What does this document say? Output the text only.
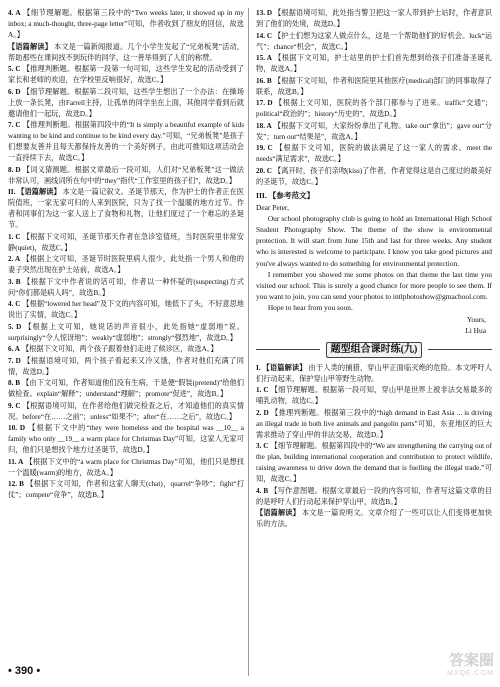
4. A 【细节理解题。根据第三段中的“Two weeks later, it showed up in my inbox; a much-thought, three-page letter”可知，作者收到了朋友的回信，故选A。】

【语篇解读】 本文是一篇新闻报道。几个小学生发起了“兄弟板凳”活动，帮助那些在课间找不到玩伴的同学，这一善举得到了人们的称赞。

5. C 【推理判断题。根据第一段第一句可知，这些学生发起的活动受到了家长和老师的欢迎，在学校里反响很好，故选C。】

6. D 【细节理解题。根据第二段可知，这些学生想出了一个办法：在操场上放一条长凳，由Farrell主持，让孤单的同学坐在上面，其他同学看到后就邀请他们一起玩，故选D。】

7. C 【推理判断题。根据第四段中的“It is simply a beautiful example of kids wanting to be kind and continue to be kind every day.”可知，“兄弟板凳”是孩子们想要友善并且每天都保持友善的一个美好例子，由此可推知这项活动会一直持续下去，故选C。】

8. D 【词义猜测题。根据文章最后一段可知，人们对“兄弟板凳”这一做法非常认可，画线词所在句中的“they”指代“工作室里的孩子们”，故选D。】

II. 【语篇解读】 本文是一篇记叙文。圣诞节那天，作为护士的作者正在医院值班，一家无家可归的人来到医院，只为了找一个温暖的地方过节。作者和同事们为这一家人送上了食物和礼物，让他们度过了一个难忘的圣诞节。

1. C 【根据下文可知，圣诞节那天作者在急诊室值班，当时医院里非常安静(quiet)，故选C。】

2. A 【根据上文可知，圣诞节时医院里病人很少，此处指一个男人和他的妻子突然出现在护士站前，故选A。】

3. B 【根据下文中作者说的话可知，作者以一种怀疑的(suspecting)方式问“你们都是病人吗”，故选B。】

4. C 【根据“lowered her head”及下文的内容可知，她低下了头，不好意思地说出了实情，故选C。】

5. D 【根据上文可知，她说话的声音很小，此处指她“虚弱地”说。surprisingly“令人惊讶地”；weakly“虚弱地”；strongly“强烈地”，故选D。】

6. A 【根据下文可知，两个孩子跟着他们走进了候诊区，故选A。】

7. D 【根据语境可知，两个孩子看起来又冷又饿，作者对他们充满了同情，故选D。】

8. B 【由下文可知，作者知道他们没有生病，于是便“假装(pretend)”给他们做检查。explain“解释”；understand“理解”；promote“促进”，故选B。】

9. C 【根据语境可知，在作者给他们做完检查之后，才知道他们的真实情况。before“在……之前”；unless“如果不”；after“在……之后”，故选C。】

10. D 【根据下文中的“they were homeless and the hospital was __10__ a family who only __19__ a warm place for Christmas Day”可知，这家人无家可归，他们只是想找个地方过圣诞节，故选D。】

11. A 【根据下文中的“a warm place for Christmas Day”可知，他们只是想找一个温暖(warm)的地方，故选A。】

12. B 【根据下文可知，作者和这家人聊天(chat)，quarrel“争吵”；fight“打仗”；compete“竞争”，故选B。】

13. D 【根据语境可知，此处指当警卫把这一家人带到护士站时，作者意识到了他们的处境，故选D。】

14. C 【护士们想为这家人做点什么，这是一个帮助他们的好机会。luck“运气”；chance“机会”，故选C。】

15. A 【根据下文可知，护士站里的护士们首先想到给孩子们准备圣诞礼物，故选A。】

16. B 【根据下文可知，作者和医院里其他医疗(medical)部门的同事取得了联系，故选B。】

17. D 【根据上文可知，医院的各个部门都参与了进来。traffic“交通”；political“政治的”；history“历史的”，故选D。】

18. A 【根据下文可知，大家纷纷拿出了礼物。take out“拿出”；gave out“分发”；turn out“结果是”，故选A。】

19. C 【根据下文可知，医院的做法满足了这一家人的需求。meet the needs“满足需求”，故选C。】

20. C 【离开时，孩子们亲吻(kiss)了作者，作者觉得这是自己度过的最美好的圣诞节，故选C。】

III. 【参考范文】

Dear Peter,

Our school photography club is going to hold an International High School Student Photography Show. The theme of the show is environmental protection. It will start from June 15th and last for three weeks. Any student who is interested is welcome to participate. I know you take good pictures and you've always wanted to do something for environmental protection.

I remember you showed me some photos on that theme the last time you visited our school. This is surely a good chance for more people to see them. If you want to join, you can send your photos to intlphotoshow@gmachool.com.

Hope to hear from you soon.

Yours,

Li Hua

题型组合课时练(九)

I. 【语篇解读】 由于人类的捕猎，穿山甲正面临灭绝的危险。本文呼吁人们行动起来，保护穿山甲等野生动物。

1. C 【细节理解题。根据第一段可知，穿山甲是世界上被非法交易最多的哺乳动物，故选C。】

2. D 【推理判断题。根据第三段中的“high demand in East Asia ... is driving an illegal trade in both live animals and pangolin parts”可知，东亚地区的巨大需求推动了穿山甲的非法交易，故选D。】

3. C 【细节理解题。根据第四段中的“We are strengthening the carrying out of the plan, building international cooperation and contribution to protect wildlife, raising awareness to drive down the demand that is fuelling the illegal trade.”可知，故选C。】

4. B 【写作意图题。根据文章最后一段的内容可知，作者写这篇文章的目的是呼吁人们行动起来保护穿山甲，故选B。】

【语篇解读】 本文是一篇说明文。文章介绍了一些可以让人们变得更加快乐的方法。

• 390 •
答案圈
MXQE.COM
